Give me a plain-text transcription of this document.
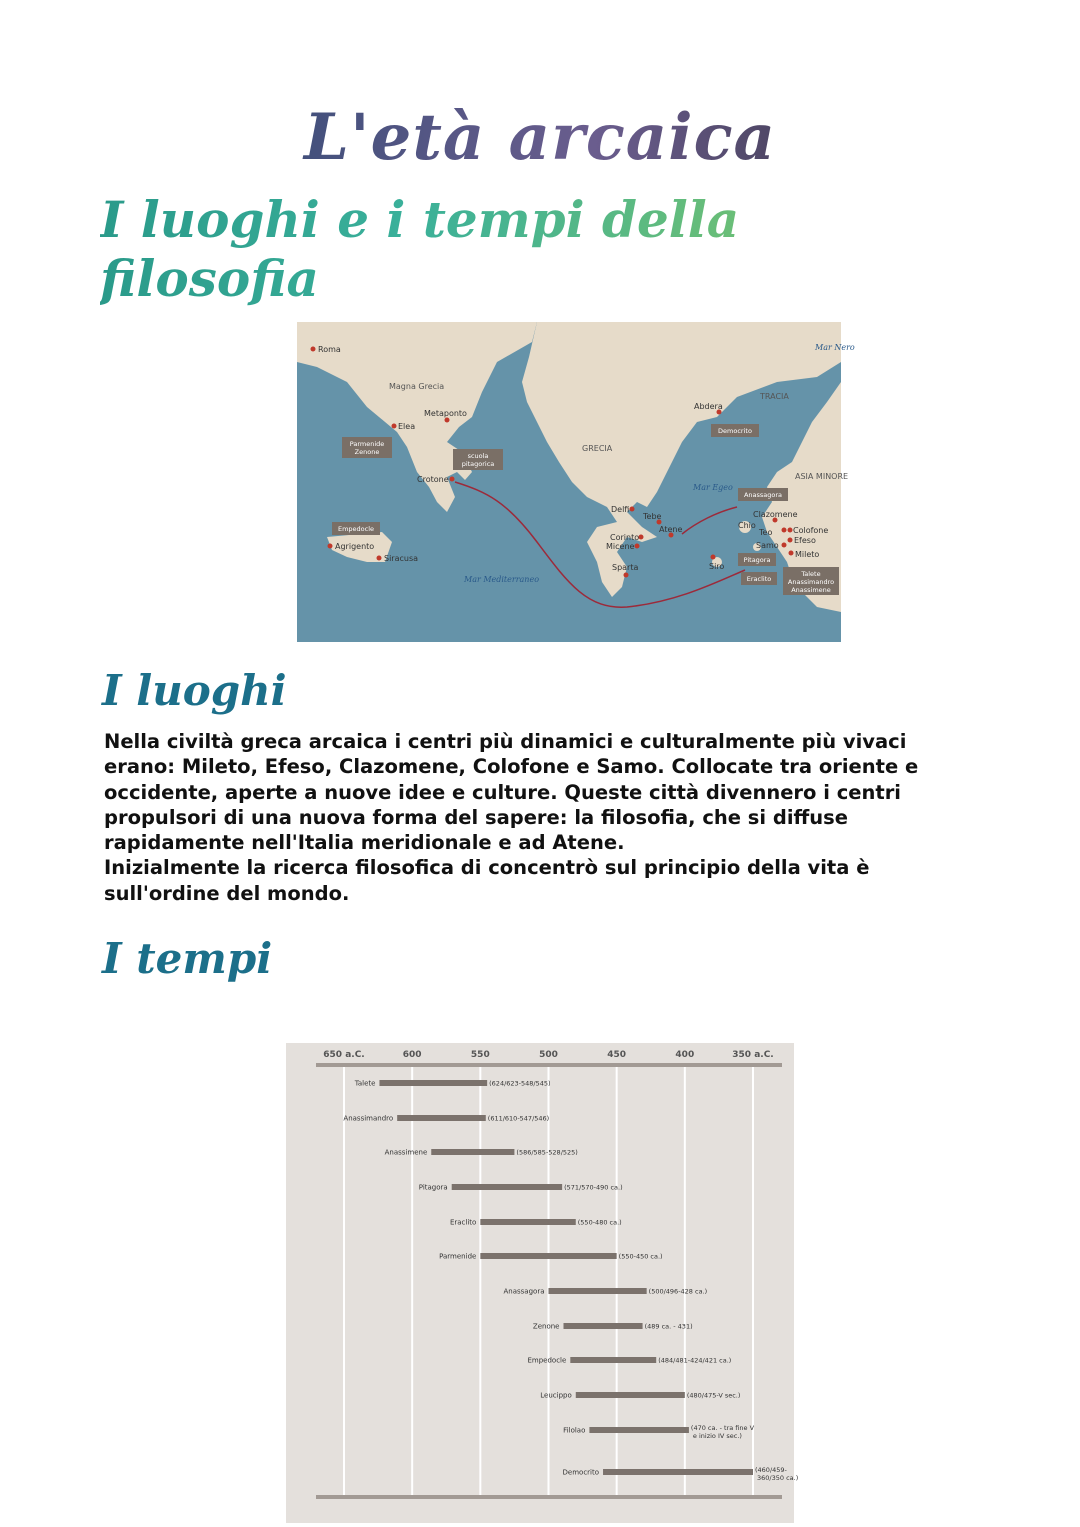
L'età arcaica
I luoghi e i tempi della filosofia
Mar Nero
Mar Egeo
Mar Mediterraneo
TRACIA
ASIA MINORE
GRECIA
Magna Grecia
Roma
Elea
Metaponto
Crotone
Agrigento
Siracusa
Abdera
Delfi
Tebe
Atene
Corinto
Micene
Sparta	Siro
Chio
Clazomene
Teo	Colofone
Efeso
Samo
Mileto
Parmenide
Zenone	scuola
pitagorica
Empedocle
Democrito
Anassagora
Pitagora
Eraclito
Talete
Anassimandro
Anassimene
I luoghi

Nella civiltà greca arcaica i centri più dinamici e culturalmente più vivaci erano: Mileto, Efeso, Clazomene, Colofone e Samo. Collocate tra oriente e occidente, aperte a nuove idee e culture. Queste città divennero i centri propulsori di una nuova forma del sapere: la filosofia, che si diffuse rapidamente nell'Italia meridionale e ad Atene.

Inizialmente la ricerca filosofica di concentrò sul principio della vita è sull'ordine del mondo.

I tempi
650 a.C.	600	550	500	450	400	350 a.C.
Talete	(624/623-548/545)
Anassimandro	(611/610-547/546)
Anassimene	(586/585-528/525)
Pitagora	(571/570-490 ca.)
Eraclito	(550-480 ca.)
Parmenide	(550-450 ca.)
Anassagora	(500/496-428 ca.)
Zenone	(489 ca. - 431)
Empedocle	(484/481-424/421 ca.)
Leucippo	(480/475-V sec.)
Filolao	(470 ca. - tra fine V
e inizio IV sec.)
Democrito	(460/459-
360/350 ca.)
